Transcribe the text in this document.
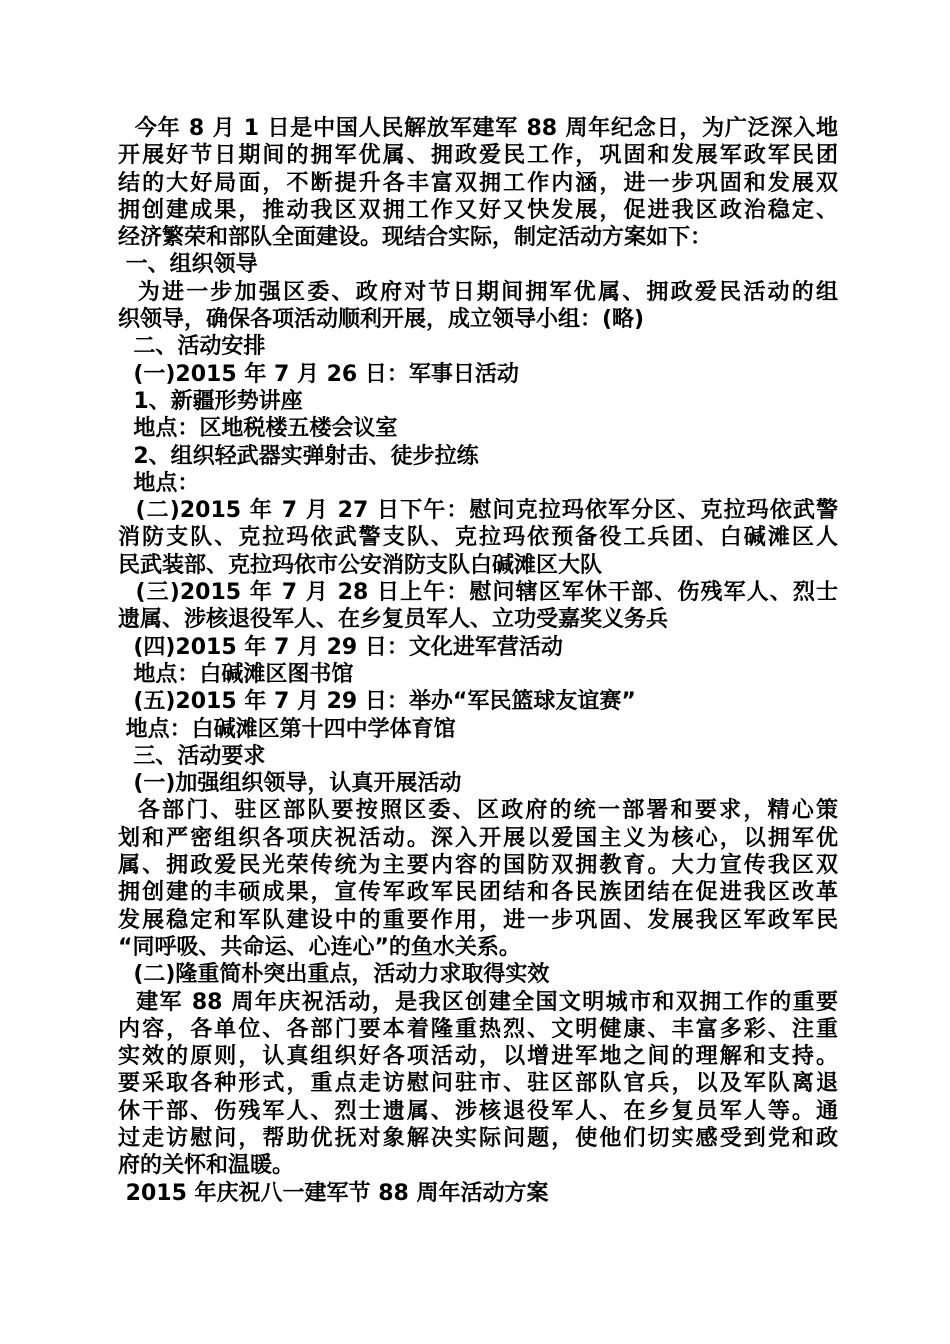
今年 8 月 1 日是中国人民解放军建军 88 周年纪念日，为广泛深入地
开展好节日期间的拥军优属、拥政爱民工作，巩固和发展军政军民团
结的大好局面，不断提升各丰富双拥工作内涵，进一步巩固和发展双
拥创建成果，推动我区双拥工作又好又快发展，促进我区政治稳定、
经济繁荣和部队全面建设。现结合实际，制定活动方案如下：
一、组织领导
为进一步加强区委、政府对节日期间拥军优属、拥政爱民活动的组
织领导，确保各项活动顺利开展，成立领导小组：(略)
二、活动安排
(一)2015 年 7 月 26 日：军事日活动
1、新疆形势讲座
地点：区地税楼五楼会议室
2、组织轻武器实弹射击、徒步拉练
地点：
(二)2015 年 7 月 27 日下午：慰问克拉玛依军分区、克拉玛依武警
消防支队、克拉玛依武警支队、克拉玛依预备役工兵团、白碱滩区人
民武装部、克拉玛依市公安消防支队白碱滩区大队
(三)2015 年 7 月 28 日上午：慰问辖区军休干部、伤残军人、烈士
遗属、涉核退役军人、在乡复员军人、立功受嘉奖义务兵
(四)2015 年 7 月 29 日：文化进军营活动
地点：白碱滩区图书馆
(五)2015 年 7 月 29 日：举办“军民篮球友谊赛”
地点：白碱滩区第十四中学体育馆
三、活动要求
(一)加强组织领导，认真开展活动
各部门、驻区部队要按照区委、区政府的统一部署和要求，精心策
划和严密组织各项庆祝活动。深入开展以爱国主义为核心，以拥军优
属、拥政爱民光荣传统为主要内容的国防双拥教育。大力宣传我区双
拥创建的丰硕成果，宣传军政军民团结和各民族团结在促进我区改革
发展稳定和军队建设中的重要作用，进一步巩固、发展我区军政军民
“同呼吸、共命运、心连心”的鱼水关系。
(二)隆重简朴突出重点，活动力求取得实效
建军 88 周年庆祝活动，是我区创建全国文明城市和双拥工作的重要
内容，各单位、各部门要本着隆重热烈、文明健康、丰富多彩、注重
实效的原则，认真组织好各项活动，以增进军地之间的理解和支持。
要采取各种形式，重点走访慰问驻市、驻区部队官兵，以及军队离退
休干部、伤残军人、烈士遗属、涉核退役军人、在乡复员军人等。通
过走访慰问，帮助优抚对象解决实际问题，使他们切实感受到党和政
府的关怀和温暖。
2015 年庆祝八一建军节 88 周年活动方案
